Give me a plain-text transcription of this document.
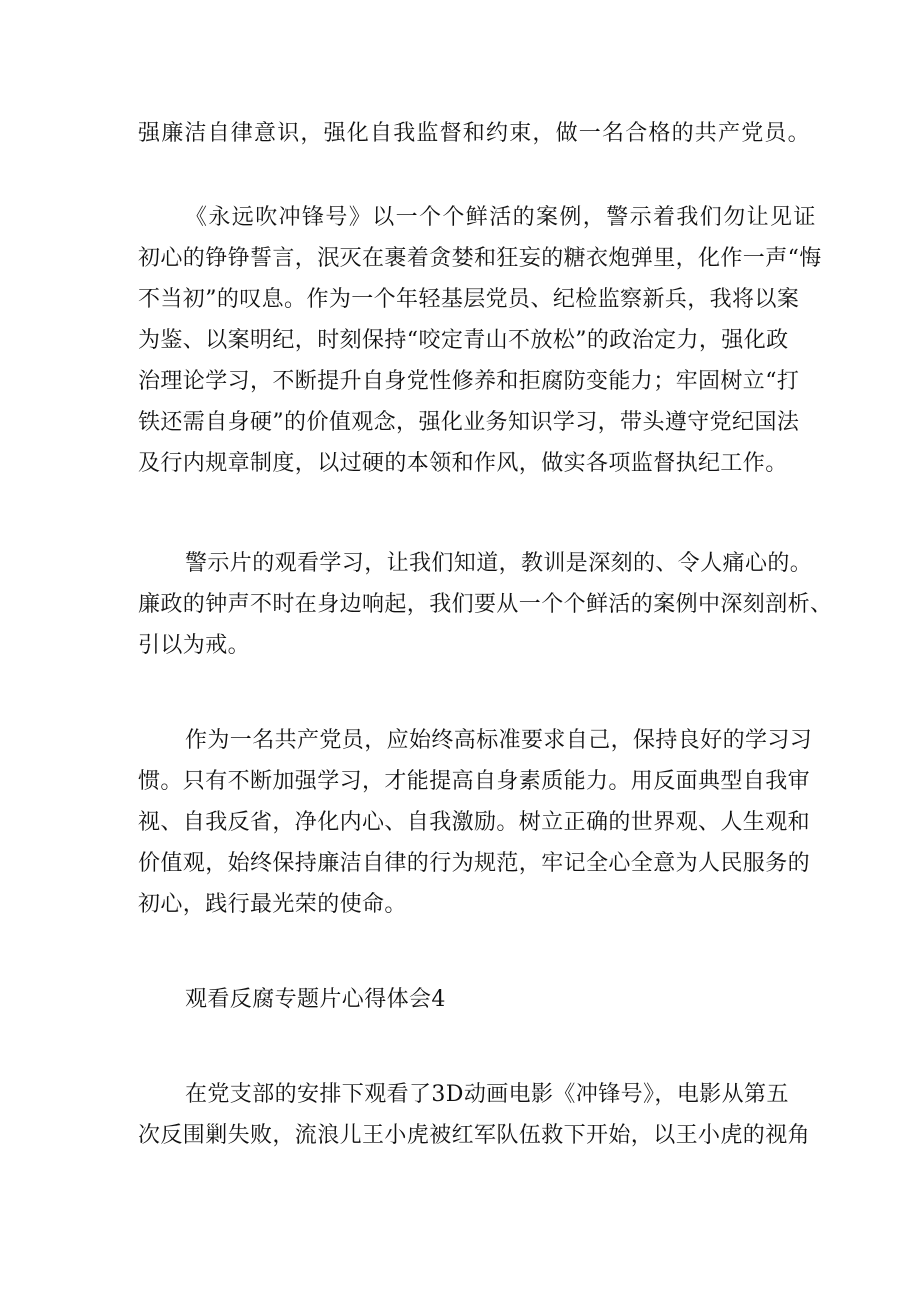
强廉洁自律意识，强化自我监督和约束，做一名合格的共产党员。
《永远吹冲锋号》以一个个鲜活的案例，警示着我们勿让见证
初心的铮铮誓言，泯灭在裹着贪婪和狂妄的糖衣炮弹里，化作一声“悔
不当初”的叹息。作为一个年轻基层党员、纪检监察新兵，我将以案
为鉴、以案明纪，时刻保持“咬定青山不放松”的政治定力，强化政
治理论学习，不断提升自身党性修养和拒腐防变能力；牢固树立“打
铁还需自身硬”的价值观念，强化业务知识学习，带头遵守党纪国法
及行内规章制度，以过硬的本领和作风，做实各项监督执纪工作。
警示片的观看学习，让我们知道，教训是深刻的、令人痛心的。
廉政的钟声不时在身边响起，我们要从一个个鲜活的案例中深刻剖析、
引以为戒。
作为一名共产党员，应始终高标准要求自己，保持良好的学习习
惯。只有不断加强学习，才能提高自身素质能力。用反面典型自我审
视、自我反省，净化内心、自我激励。树立正确的世界观、人生观和
价值观，始终保持廉洁自律的行为规范，牢记全心全意为人民服务的
初心，践行最光荣的使命。
观看反腐专题片心得体会4
在党支部的安排下观看了3D动画电影《冲锋号》，电影从第五
次反围剿失败，流浪儿王小虎被红军队伍救下开始，以王小虎的视角
